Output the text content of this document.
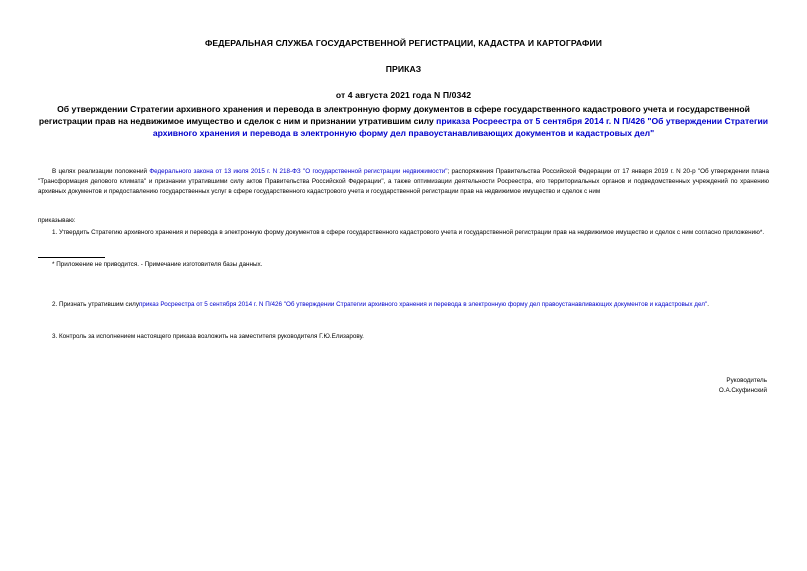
ФЕДЕРАЛЬНАЯ СЛУЖБА ГОСУДАРСТВЕННОЙ РЕГИСТРАЦИИ, КАДАСТРА И КАРТОГРАФИИ
ПРИКАЗ
от 4 августа 2021 года N П/0342
Об утверждении Стратегии архивного хранения и перевода в электронную форму документов в сфере государственного кадастрового учета и государственной регистрации прав на недвижимое имущество и сделок с ним и признании утратившим силу приказа Росреестра от 5 сентября 2014 г. N П/426 "Об утверждении Стратегии архивного хранения и перевода в электронную форму дел правоустанавливающих документов и кадастровых дел"
В целях реализации положений Федерального закона от 13 июля 2015 г. N 218-ФЗ "О государственной регистрации недвижимости"; распоряжения Правительства Российской Федерации от 17 января 2019 г. N 20-р "Об утверждении плана "Трансформация делового климата" и признании утратившими силу актов Правительства Российской Федерации", а также оптимизации деятельности Росреестра, его территориальных органов и подведомственных учреждений по хранению архивных документов и предоставлению государственных услуг в сфере государственного кадастрового учета и государственной регистрации прав на недвижимое имущество и сделок с ним
приказываю:
1. Утвердить Стратегию архивного хранения и перевода в электронную форму документов в сфере государственного кадастрового учета и государственной регистрации прав на недвижимое имущество и сделок с ним согласно приложению*.
* Приложение не приводится. - Примечание изготовителя базы данных.
2. Признать утратившим силуприказ Росреестра от 5 сентября 2014 г. N П/426 "Об утверждении Стратегии архивного хранения и перевода в электронную форму дел правоустанавливающих документов и кадастровых дел".
3. Контроль за исполнением настоящего приказа возложить на заместителя руководителя Г.Ю.Елизарову.
Руководитель
О.А.Скуфинский
